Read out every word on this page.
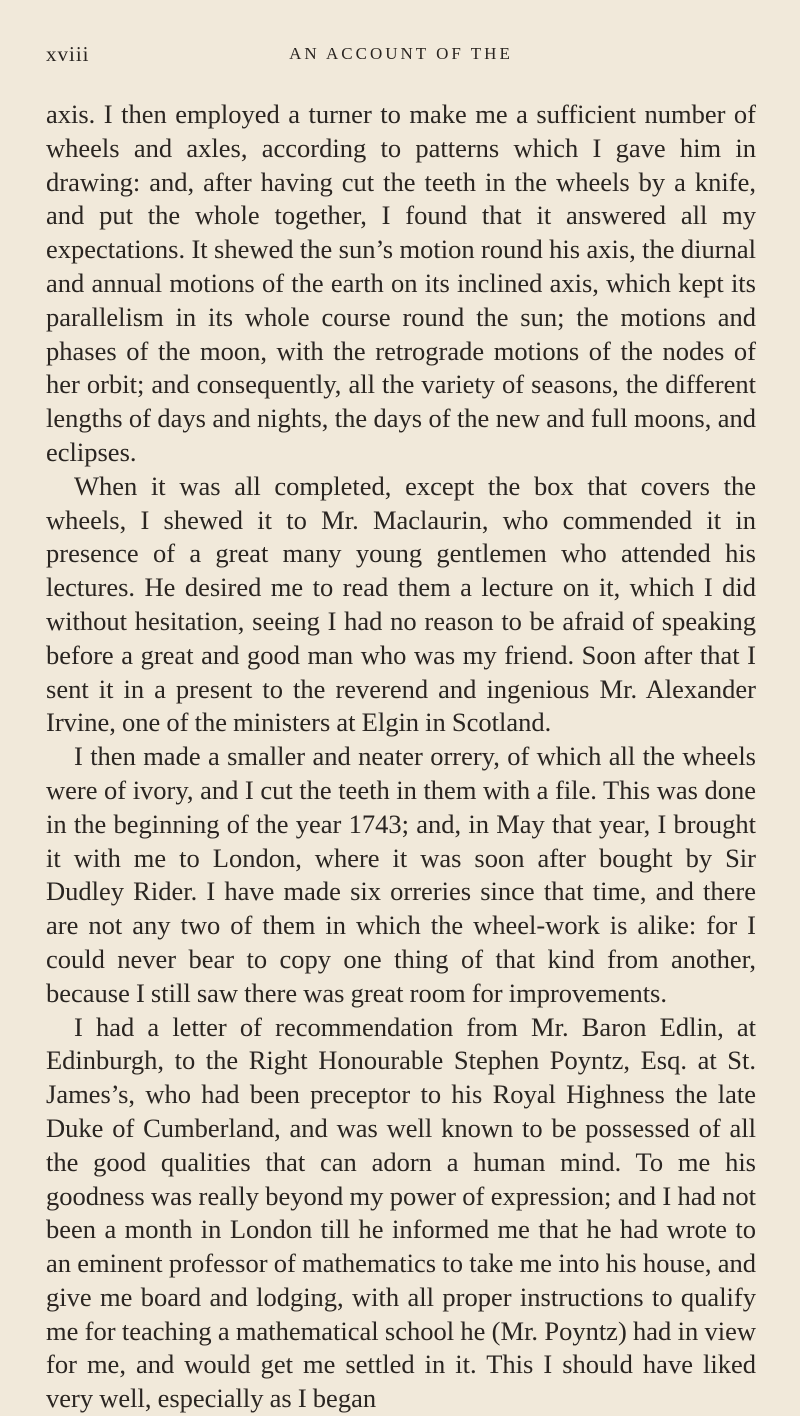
xviii	AN ACCOUNT OF THE

axis. I then employed a turner to make me a sufficient number of wheels and axles, according to patterns which I gave him in drawing: and, after having cut the teeth in the wheels by a knife, and put the whole together, I found that it answered all my expectations. It shewed the sun’s motion round his axis, the diurnal and annual motions of the earth on its inclined axis, which kept its parallelism in its whole course round the sun; the motions and phases of the moon, with the retrograde motions of the nodes of her orbit; and consequently, all the variety of seasons, the different lengths of days and nights, the days of the new and full moons, and eclipses.

When it was all completed, except the box that covers the wheels, I shewed it to Mr. Maclaurin, who commended it in presence of a great many young gentlemen who attended his lectures. He desired me to read them a lecture on it, which I did without hesitation, seeing I had no reason to be afraid of speaking before a great and good man who was my friend. Soon after that I sent it in a present to the reverend and ingenious Mr. Alexander Irvine, one of the ministers at Elgin in Scotland.

I then made a smaller and neater orrery, of which all the wheels were of ivory, and I cut the teeth in them with a file. This was done in the beginning of the year 1743; and, in May that year, I brought it with me to London, where it was soon after bought by Sir Dudley Rider. I have made six orreries since that time, and there are not any two of them in which the wheel-work is alike: for I could never bear to copy one thing of that kind from another, because I still saw there was great room for improvements.

I had a letter of recommendation from Mr. Baron Edlin, at Edinburgh, to the Right Honourable Stephen Poyntz, Esq. at St. James’s, who had been preceptor to his Royal Highness the late Duke of Cumberland, and was well known to be possessed of all the good qualities that can adorn a human mind. To me his goodness was really beyond my power of expression; and I had not been a month in London till he informed me that he had wrote to an eminent professor of mathematics to take me into his house, and give me board and lodging, with all proper instructions to qualify me for teaching a mathematical school he (Mr. Poyntz) had in view for me, and would get me settled in it. This I should have liked very well, especially as I began
